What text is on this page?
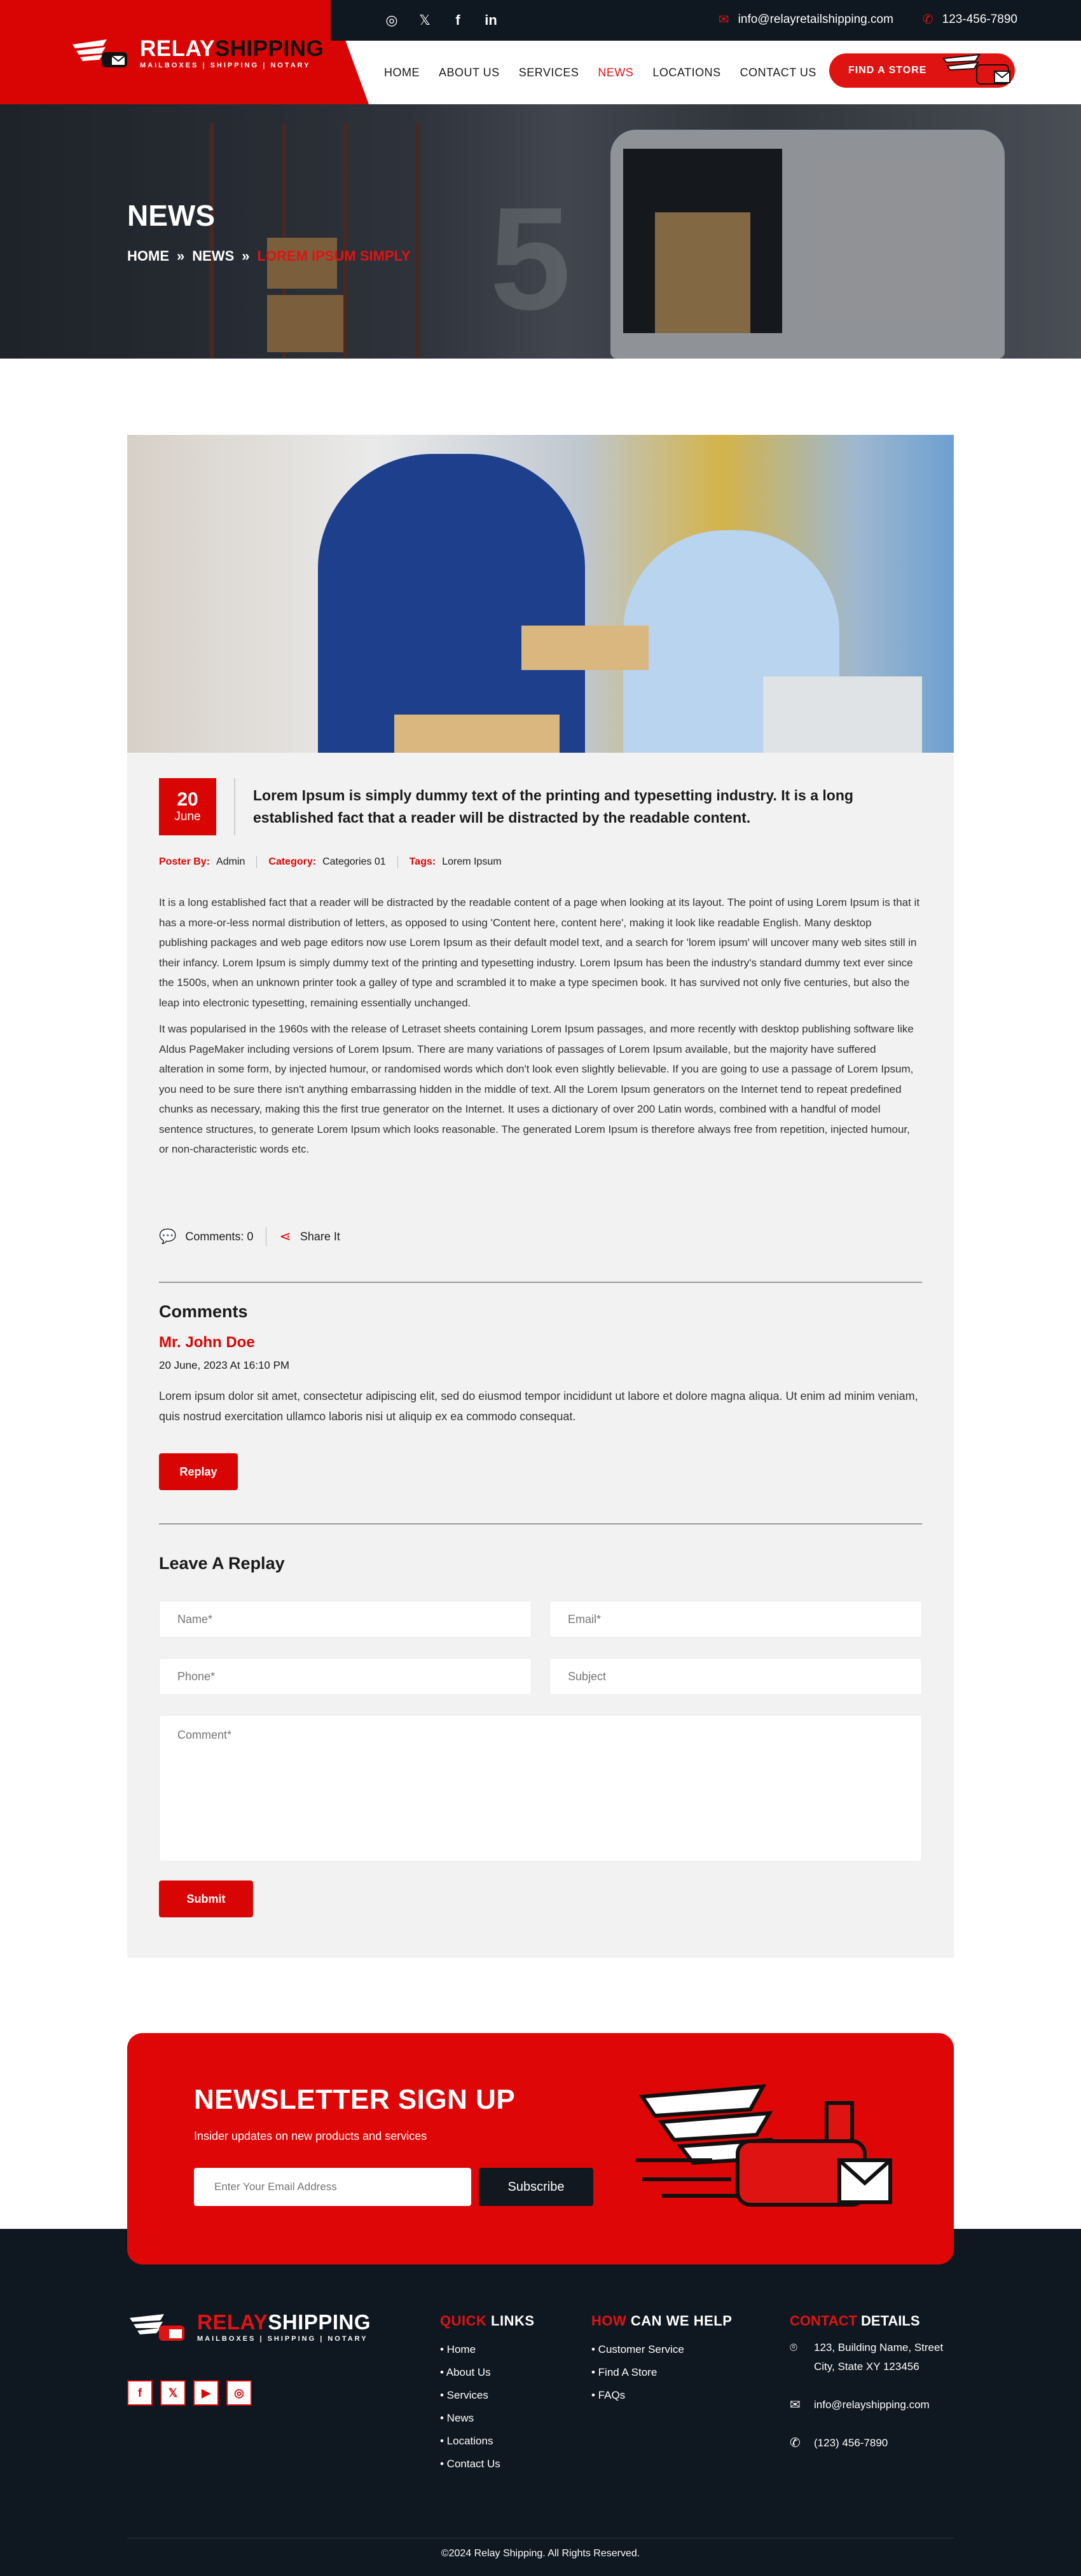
RELAYSHIPPING
MAILBOXES | SHIPPING | NOTARY
◎	𝕏	f	in	✉ info@relayretailshipping.com ✆ 123-456-7890
HOME ABOUT US SERVICES NEWS LOCATIONS CONTACT US	FIND A STORE
5
NEWS
HOME » NEWS » LOREM IPSUM SIMPLY
20
June
Lorem Ipsum is simply dummy text of the printing and typesetting industry. It is a long established fact that a reader will be distracted by the readable content.
Poster By: Admin Category: Categories 01 Tags: Lorem Ipsum

It is a long established fact that a reader will be distracted by the readable content of a page when looking at its layout. The point of using Lorem Ipsum is that it has a more-or-less normal distribution of letters, as opposed to using 'Content here, content here', making it look like readable English. Many desktop publishing packages and web page editors now use Lorem Ipsum as their default model text, and a search for 'lorem ipsum' will uncover many web sites still in their infancy. Lorem Ipsum is simply dummy text of the printing and typesetting industry. Lorem Ipsum has been the industry's standard dummy text ever since the 1500s, when an unknown printer took a galley of type and scrambled it to make a type specimen book. It has survived not only five centuries, but also the leap into electronic typesetting, remaining essentially unchanged.

It was popularised in the 1960s with the release of Letraset sheets containing Lorem Ipsum passages, and more recently with desktop publishing software like Aldus PageMaker including versions of Lorem Ipsum. There are many variations of passages of Lorem Ipsum available, but the majority have suffered alteration in some form, by injected humour, or randomised words which don't look even slightly believable. If you are going to use a passage of Lorem Ipsum, you need to be sure there isn't anything embarrassing hidden in the middle of text. All the Lorem Ipsum generators on the Internet tend to repeat predefined chunks as necessary, making this the first true generator on the Internet. It uses a dictionary of over 200 Latin words, combined with a handful of model sentence structures, to generate Lorem Ipsum which looks reasonable. The generated Lorem Ipsum is therefore always free from repetition, injected humour, or non-characteristic words etc.

💬 Comments: 0 ⋖ Share It
Comments
Mr. John Doe
20 June, 2023 At 16:10 PM

Lorem ipsum dolor sit amet, consectetur adipiscing elit, sed do eiusmod tempor incididunt ut labore et dolore magna aliqua. Ut enim ad minim veniam, quis nostrud exercitation ullamco laboris nisi ut aliquip ex ea commodo consequat.

Replay
Leave A Replay
Name*
Email*
Phone*
Subject
Comment*
Submit
NEWSLETTER SIGN UP

Insider updates on new products and services

Enter Your Email Address
Subscribe
RELAYSHIPPING
MAILBOXES | SHIPPING | NOTARY
f	𝕏	▶	◎
QUICK LINKS
• Home
• About Us
• Services
• News
• Locations
• Contact Us
HOW CAN WE HELP
• Customer Service
• Find A Store
• FAQs
CONTACT DETAILS
⌾	123, Building Name, Street
City, State XY 123456
✉	info@relayshipping.com
✆	(123) 456-7890
©2024 Relay Shipping. All Rights Reserved.
